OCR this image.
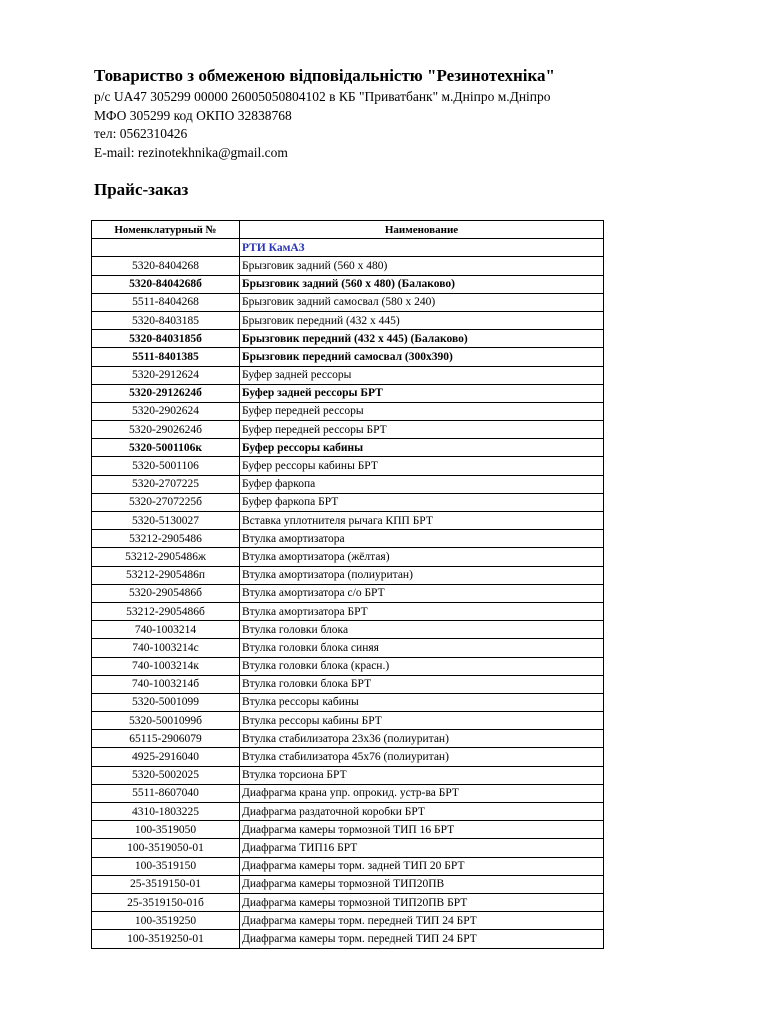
Товариство з обмеженою відповідальністю "Резинотехніка"
р/с UA47 305299 00000 26005050804102 в КБ "Приватбанк" м.Дніпро м.Дніпро
МФО 305299 код ОКПО 32838768
тел: 0562310426
E-mail: rezinotekhnika@gmail.com
Прайс-заказ
Номенклатурный №	Наименование
	РТИ КамАЗ
5320-8404268	Брызговик задний (560 х 480)
5320-8404268б	Брызговик задний (560 х 480) (Балаково)
5511-8404268	Брызговик задний самосвал (580 х 240)
5320-8403185	Брызговик передний (432 х 445)
5320-8403185б	Брызговик передний (432 х 445) (Балаково)
5511-8401385	Брызговик передний самосвал (300х390)
5320-2912624	Буфер задней рессоры
5320-2912624б	Буфер задней рессоры БРТ
5320-2902624	Буфер передней рессоры
5320-2902624б	Буфер передней рессоры БРТ
5320-5001106к	Буфер рессоры кабины
5320-5001106	Буфер рессоры кабины БРТ
5320-2707225	Буфер фаркопа
5320-2707225б	Буфер фаркопа БРТ
5320-5130027	Вставка уплотнителя рычага КПП БРТ
53212-2905486	Втулка амортизатора
53212-2905486ж	Втулка амортизатора (жёлтая)
53212-2905486п	Втулка амортизатора (полиуритан)
5320-2905486б	Втулка амортизатора с/о БРТ
53212-2905486б	Втулка амортизатора БРТ
740-1003214	Втулка головки блока
740-1003214с	Втулка головки блока синяя
740-1003214к	Втулка головки блока (красн.)
740-1003214б	Втулка головки блока БРТ
5320-5001099	Втулка рессоры кабины
5320-5001099б	Втулка рессоры кабины БРТ
65115-2906079	Втулка стабилизатора 23х36 (полиуритан)
4925-2916040	Втулка стабилизатора 45х76 (полиуритан)
5320-5002025	Втулка торсиона БРТ
5511-8607040	Диафрагма крана упр. опрокид. устр-ва БРТ
4310-1803225	Диафрагма раздаточной коробки БРТ
100-3519050	Диафрагма камеры тормозной ТИП 16 БРТ
100-3519050-01	Диафрагма ТИП16 БРТ
100-3519150	Диафрагма камеры торм. задней ТИП 20 БРТ
25-3519150-01	Диафрагма камеры тормозной ТИП20ПВ
25-3519150-01б	Диафрагма камеры тормозной ТИП20ПВ БРТ
100-3519250	Диафрагма камеры торм. передней ТИП 24 БРТ
100-3519250-01	Диафрагма камеры торм. передней ТИП 24 БРТ
